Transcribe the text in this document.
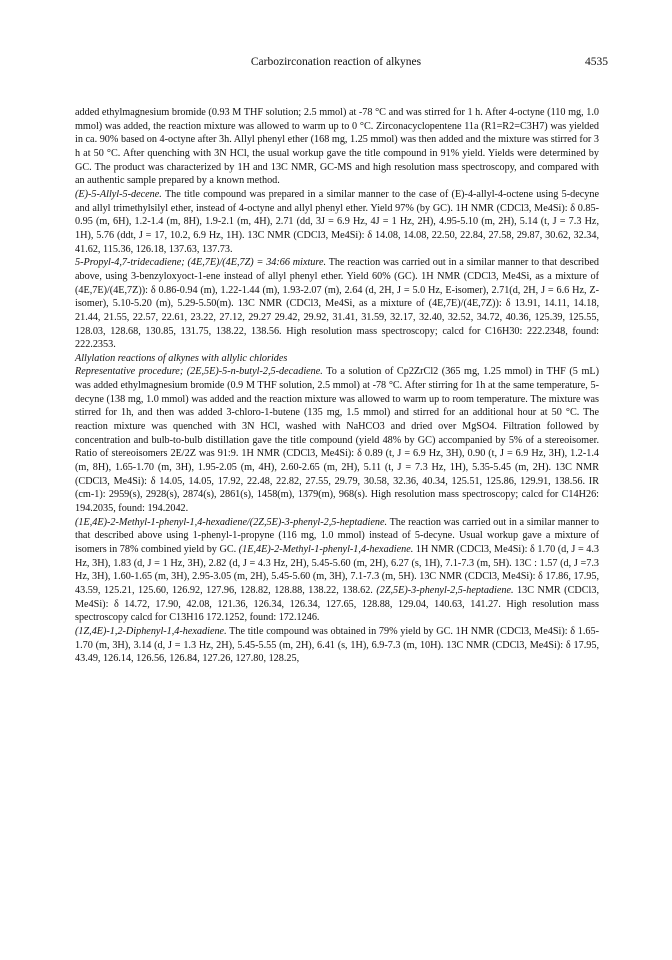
Carbozirconation reaction of alkynes	4535

added ethylmagnesium bromide (0.93 M THF solution; 2.5 mmol) at -78 °C and was stirred for 1 h. After 4-octyne (110 mg, 1.0 mmol) was added, the reaction mixture was allowed to warm up to 0 °C. Zirconacyclopentene 11a (R1=R2=C3H7) was yielded in ca. 90% based on 4-octyne after 3h. Allyl phenyl ether (168 mg, 1.25 mmol) was then added and the mixture was stirred for 3 h at 50 °C. After quenching with 3N HCl, the usual workup gave the title compound in 91% yield. Yields were determined by GC. The product was characterized by 1H and 13C NMR, GC-MS and high resolution mass spectroscopy, and compared with an authentic sample prepared by a known method.

(E)-5-Allyl-5-decene. The title compound was prepared in a similar manner to the case of (E)-4-allyl-4-octene using 5-decyne and allyl trimethylsilyl ether, instead of 4-octyne and allyl phenyl ether. Yield 97% (by GC). 1H NMR (CDCl3, Me4Si): δ 0.85-0.95 (m, 6H), 1.2-1.4 (m, 8H), 1.9-2.1 (m, 4H), 2.71 (dd, 3J = 6.9 Hz, 4J = 1 Hz, 2H), 4.95-5.10 (m, 2H), 5.14 (t, J = 7.3 Hz, 1H), 5.76 (ddt, J = 17, 10.2, 6.9 Hz, 1H). 13C NMR (CDCl3, Me4Si): δ 14.08, 14.08, 22.50, 22.84, 27.58, 29.87, 30.62, 32.34, 41.62, 115.36, 126.18, 137.63, 137.73.

5-Propyl-4,7-tridecadiene; (4E,7E)/(4E,7Z) = 34:66 mixture. The reaction was carried out in a similar manner to that described above, using 3-benzyloxyoct-1-ene instead of allyl phenyl ether. Yield 60% (GC). 1H NMR (CDCl3, Me4Si, as a mixture of (4E,7E)/(4E,7Z)): δ 0.86-0.94 (m), 1.22-1.44 (m), 1.93-2.07 (m), 2.64 (d, 2H, J = 5.0 Hz, E-isomer), 2.71(d, 2H, J = 6.6 Hz, Z-isomer), 5.10-5.20 (m), 5.29-5.50(m). 13C NMR (CDCl3, Me4Si, as a mixture of (4E,7E)/(4E,7Z)): δ 13.91, 14.11, 14.18, 21.44, 21.55, 22.57, 22.61, 23.22, 27.12, 29.27 29.42, 29.92, 31.41, 31.59, 32.17, 32.40, 32.52, 34.72, 40.36, 125.39, 125.55, 128.03, 128.68, 130.85, 131.75, 138.22, 138.56. High resolution mass spectroscopy; calcd for C16H30: 222.2348, found: 222.2353.

Allylation reactions of alkynes with allylic chlorides

Representative procedure; (2E,5E)-5-n-butyl-2,5-decadiene. To a solution of Cp2ZrCl2 (365 mg, 1.25 mmol) in THF (5 mL) was added ethylmagnesium bromide (0.9 M THF solution, 2.5 mmol) at -78 °C. After stirring for 1h at the same temperature, 5-decyne (138 mg, 1.0 mmol) was added and the reaction mixture was allowed to warm up to room temperature. The mixture was stirred for 1h, and then was added 3-chloro-1-butene (135 mg, 1.5 mmol) and stirred for an additional hour at 50 °C. The reaction mixture was quenched with 3N HCl, washed with NaHCO3 and dried over MgSO4. Filtration followed by concentration and bulb-to-bulb distillation gave the title compound (yield 48% by GC) accompanied by 5% of a stereoisomer. Ratio of stereoisomers 2E/2Z was 91:9. 1H NMR (CDCl3, Me4Si): δ 0.89 (t, J = 6.9 Hz, 3H), 0.90 (t, J = 6.9 Hz, 3H), 1.2-1.4 (m, 8H), 1.65-1.70 (m, 3H), 1.95-2.05 (m, 4H), 2.60-2.65 (m, 2H), 5.11 (t, J = 7.3 Hz, 1H), 5.35-5.45 (m, 2H). 13C NMR (CDCl3, Me4Si): δ 14.05, 14.05, 17.92, 22.48, 22.82, 27.55, 29.79, 30.58, 32.36, 40.34, 125.51, 125.86, 129.91, 138.56. IR (cm-1): 2959(s), 2928(s), 2874(s), 2861(s), 1458(m), 1379(m), 968(s). High resolution mass spectroscopy; calcd for C14H26: 194.2035, found: 194.2042.

(1E,4E)-2-Methyl-1-phenyl-1,4-hexadiene/(2Z,5E)-3-phenyl-2,5-heptadiene. The reaction was carried out in a similar manner to that described above using 1-phenyl-1-propyne (116 mg, 1.0 mmol) instead of 5-decyne. Usual workup gave a mixture of isomers in 78% combined yield by GC. (1E,4E)-2-Methyl-1-phenyl-1,4-hexadiene. 1H NMR (CDCl3, Me4Si): δ 1.70 (d, J = 4.3 Hz, 3H), 1.83 (d, J = 1 Hz, 3H), 2.82 (d, J = 4.3 Hz, 2H), 5.45-5.60 (m, 2H), 6.27 (s, 1H), 7.1-7.3 (m, 5H). 13C : 1.57 (d, J =7.3 Hz, 3H), 1.60-1.65 (m, 3H), 2.95-3.05 (m, 2H), 5.45-5.60 (m, 3H), 7.1-7.3 (m, 5H). 13C NMR (CDCl3, Me4Si): δ 17.86, 17.95, 43.59, 125.21, 125.60, 126.92, 127.96, 128.82, 128.88, 138.22, 138.62. (2Z,5E)-3-phenyl-2,5-heptadiene. 13C NMR (CDCl3, Me4Si): δ 14.72, 17.90, 42.08, 121.36, 126.34, 126.34, 127.65, 128.88, 129.04, 140.63, 141.27. High resolution mass spectroscopy calcd for C13H16 172.1252, found: 172.1246.

(1Z,4E)-1,2-Diphenyl-1,4-hexadiene. The title compound was obtained in 79% yield by GC. 1H NMR (CDCl3, Me4Si): δ 1.65-1.70 (m, 3H), 3.14 (d, J = 1.3 Hz, 2H), 5.45-5.55 (m, 2H), 6.41 (s, 1H), 6.9-7.3 (m, 10H). 13C NMR (CDCl3, Me4Si): δ 17.95, 43.49, 126.14, 126.56, 126.84, 127.26, 127.80, 128.25,
